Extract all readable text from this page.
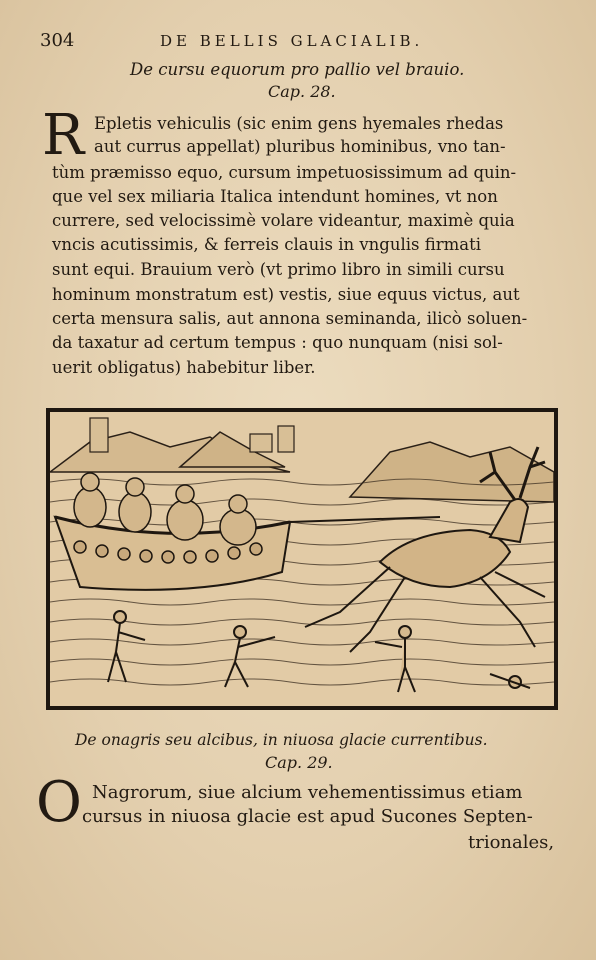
304	DE BELLIS GLACIALIB.
De cursu equorum pro pallio vel brauio.
Cap. 28.
R Epletis vehiculis (sic enim gens hyemales rhedas
aut currus appellat) pluribus hominibus, vno tan-
tùm præmisso equo, cursum impetuosissimum ad quin-
que vel sex miliaria Italica intendunt homines, vt non
currere, sed velocissimè volare videantur, maximè quia
vncis acutissimis, & ferreis clauis in vngulis firmati
sunt equi. Brauium verò (vt primo libro in simili cursu
hominum monstratum est) vestis, siue equus victus, aut
certa mensura salis, aut annona seminanda, ilicò soluen-
da taxatur ad certum tempus : quo nunquam (nisi sol-
uerit obligatus) habebitur liber.
De onagris seu alcibus, in niuosa glacie currentibus.
Cap. 29.
O Nagrorum, siue alcium vehementissimus etiam
cursus in niuosa glacie est apud Sucones Septen-
trionales,
